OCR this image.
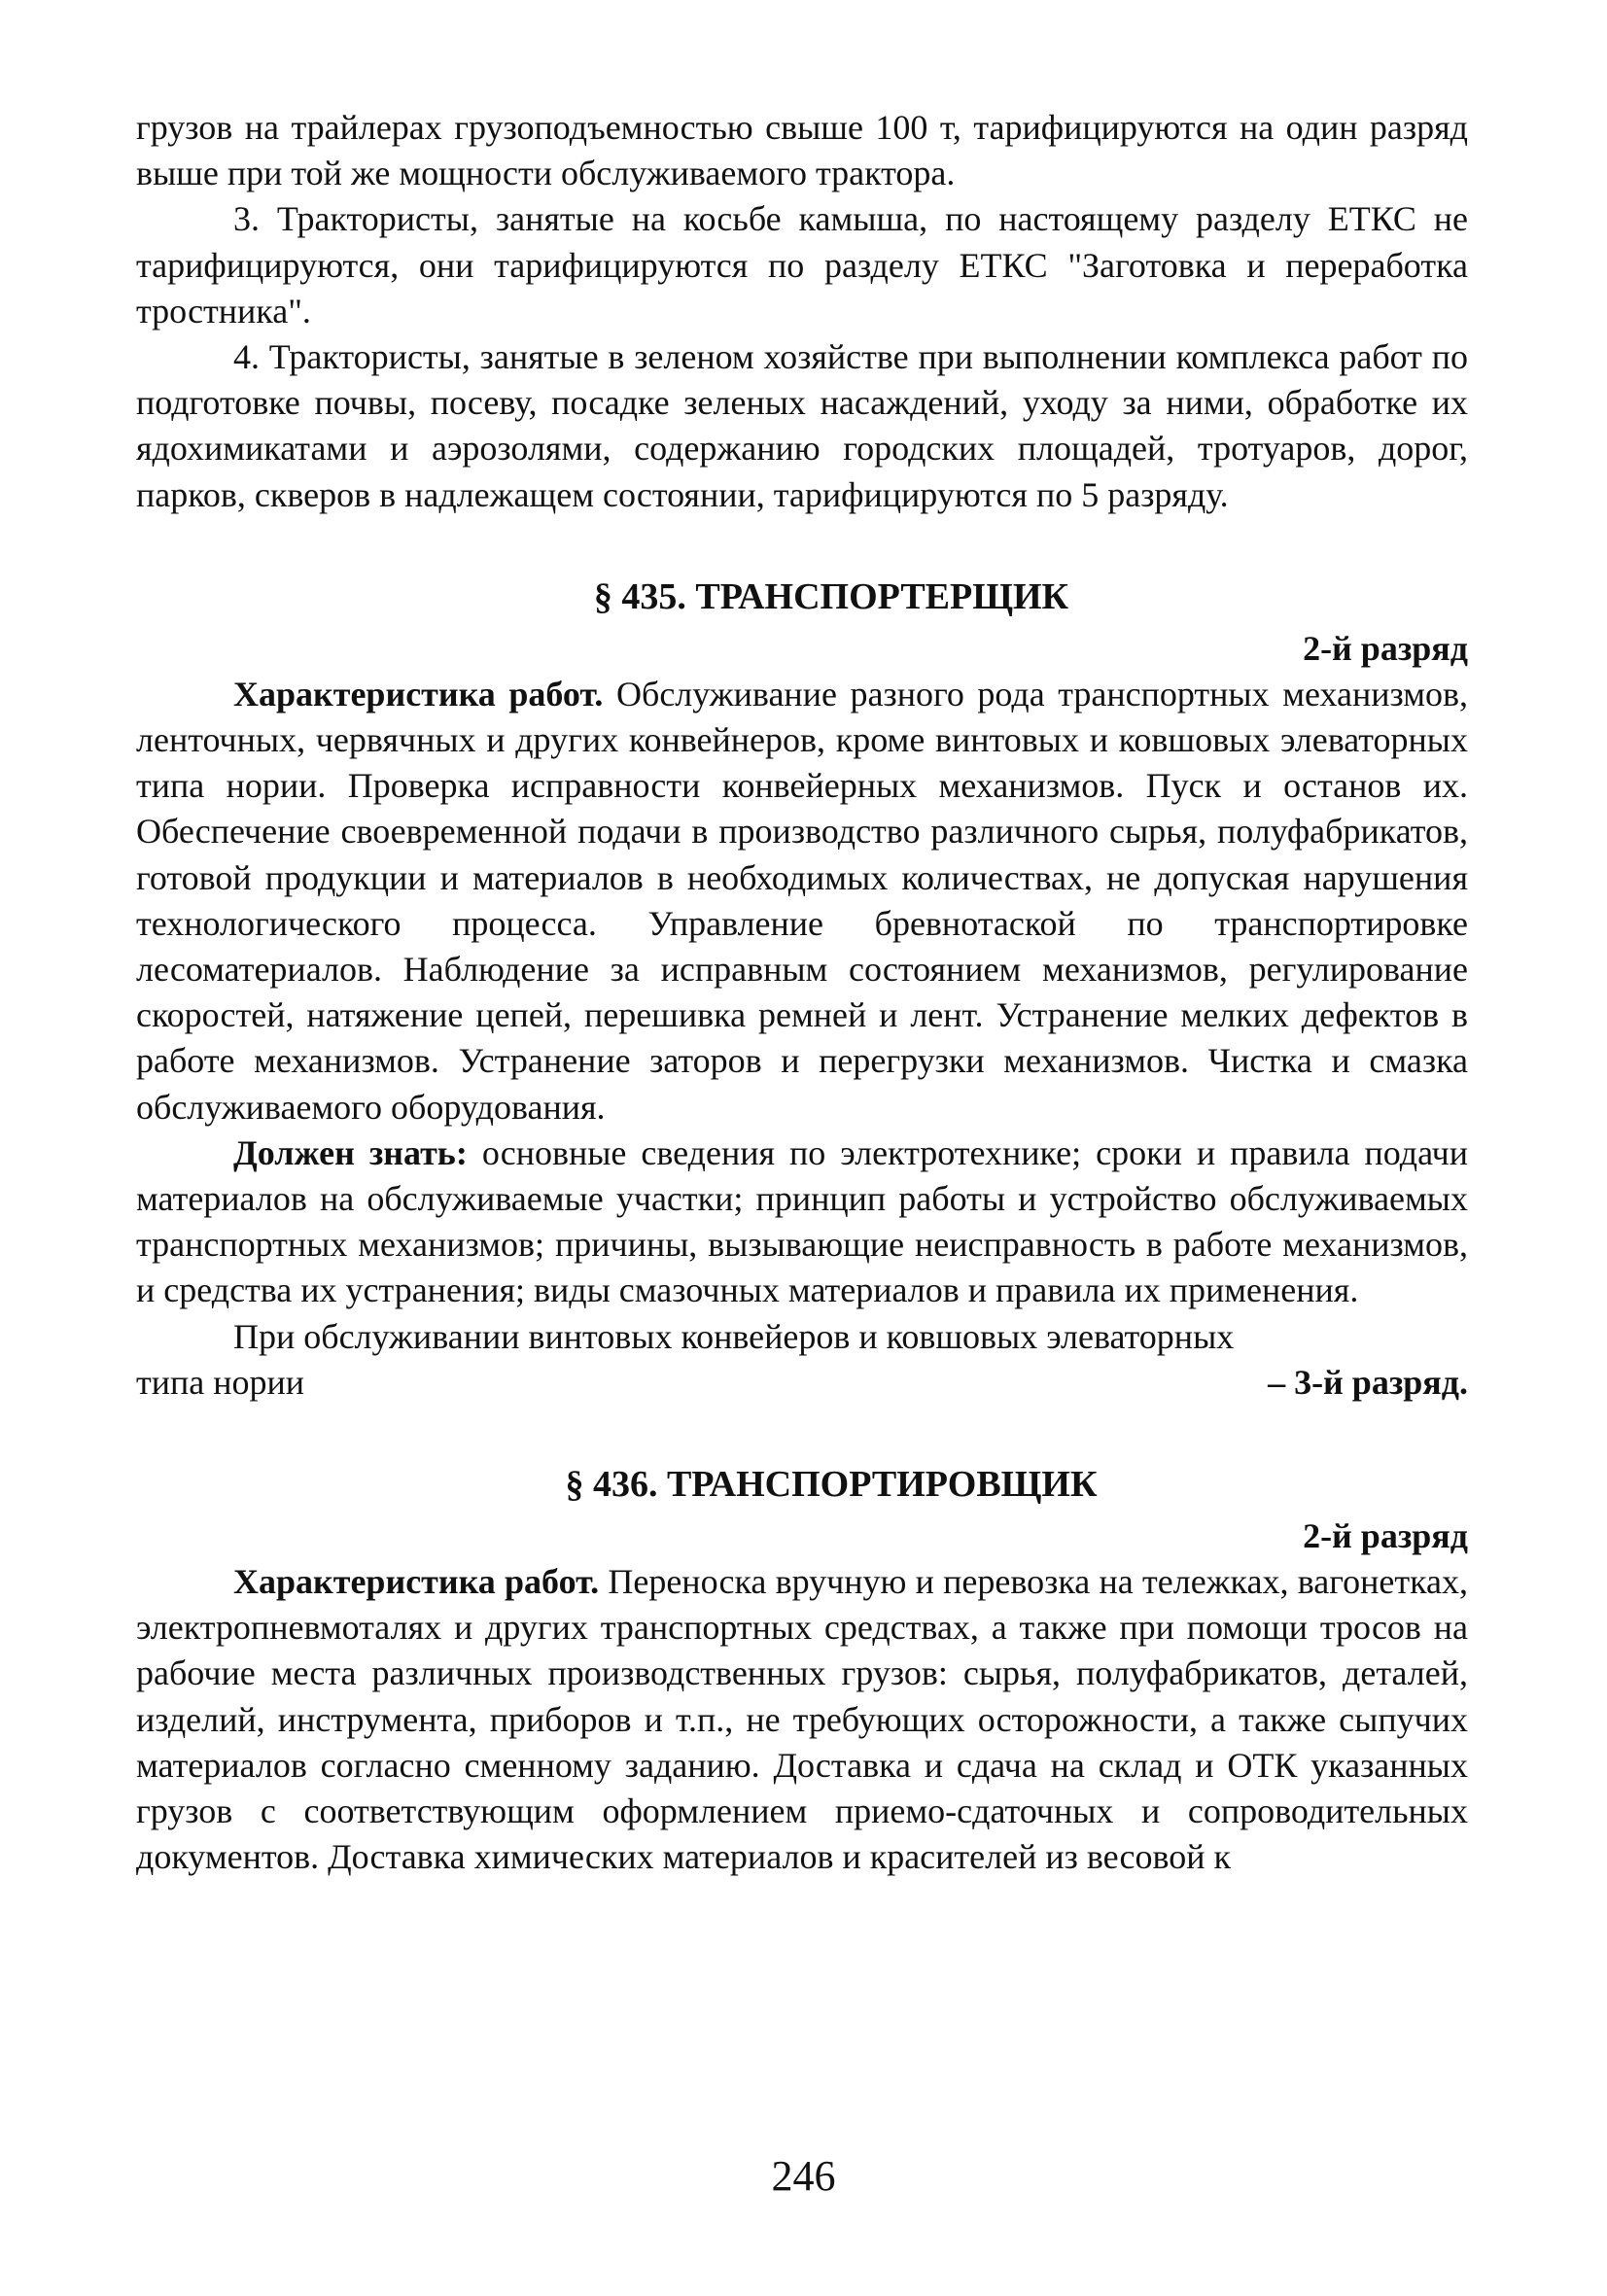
грузов на трайлерах грузоподъемностью свыше 100 т, тарифицируются на один разряд выше при той же мощности обслуживаемого трактора.

3. Трактористы, занятые на косьбе камыша, по настоящему разделу ЕТКС не тарифицируются, они тарифицируются по разделу ЕТКС "Заготовка и переработка тростника".

4. Трактористы, занятые в зеленом хозяйстве при выполнении комплекса работ по подготовке почвы, посеву, посадке зеленых насаждений, уходу за ними, обработке их ядохимикатами и аэрозолями, содержанию городских площадей, тротуаров, дорог, парков, скверов в надлежащем состоянии, тарифицируются по 5 разряду.

§ 435. ТРАНСПОРТЕРЩИК

2-й разряд

Характеристика работ. Обслуживание разного рода транспортных механизмов, ленточных, червячных и других конвейнеров, кроме винтовых и ковшовых элеваторных типа нории. Проверка исправности конвейерных механизмов. Пуск и останов их. Обеспечение своевременной подачи в производство различного сырья, полуфабрикатов, готовой продукции и материалов в необходимых количествах, не допуская нарушения технологического процесса. Управление бревнотаской по транспортировке лесоматериалов. Наблюдение за исправным состоянием механизмов, регулирование скоростей, натяжение цепей, перешивка ремней и лент. Устранение мелких дефектов в работе механизмов. Устранение заторов и перегрузки механизмов. Чистка и смазка обслуживаемого оборудования.

Должен знать: основные сведения по электротехнике; сроки и правила подачи материалов на обслуживаемые участки; принцип работы и устройство обслуживаемых транспортных механизмов; причины, вызывающие неисправность в работе механизмов, и средства их устранения; виды смазочных материалов и правила их применения.

При обслуживании винтовых конвейеров и ковшовых элеваторных

типа нории	– 3-й разряд.
§ 436. ТРАНСПОРТИРОВЩИК

2-й разряд

Характеристика работ. Переноска вручную и перевозка на тележках, вагонетках, электропневмоталях и других транспортных средствах, а также при помощи тросов на рабочие места различных производственных грузов: сырья, полуфабрикатов, деталей, изделий, инструмента, приборов и т.п., не требующих осторожности, а также сыпучих материалов согласно сменному заданию. Доставка и сдача на склад и ОТК указанных грузов с соответствующим оформлением приемо-сдаточных и сопроводительных документов. Доставка химических материалов и красителей из весовой к

246
